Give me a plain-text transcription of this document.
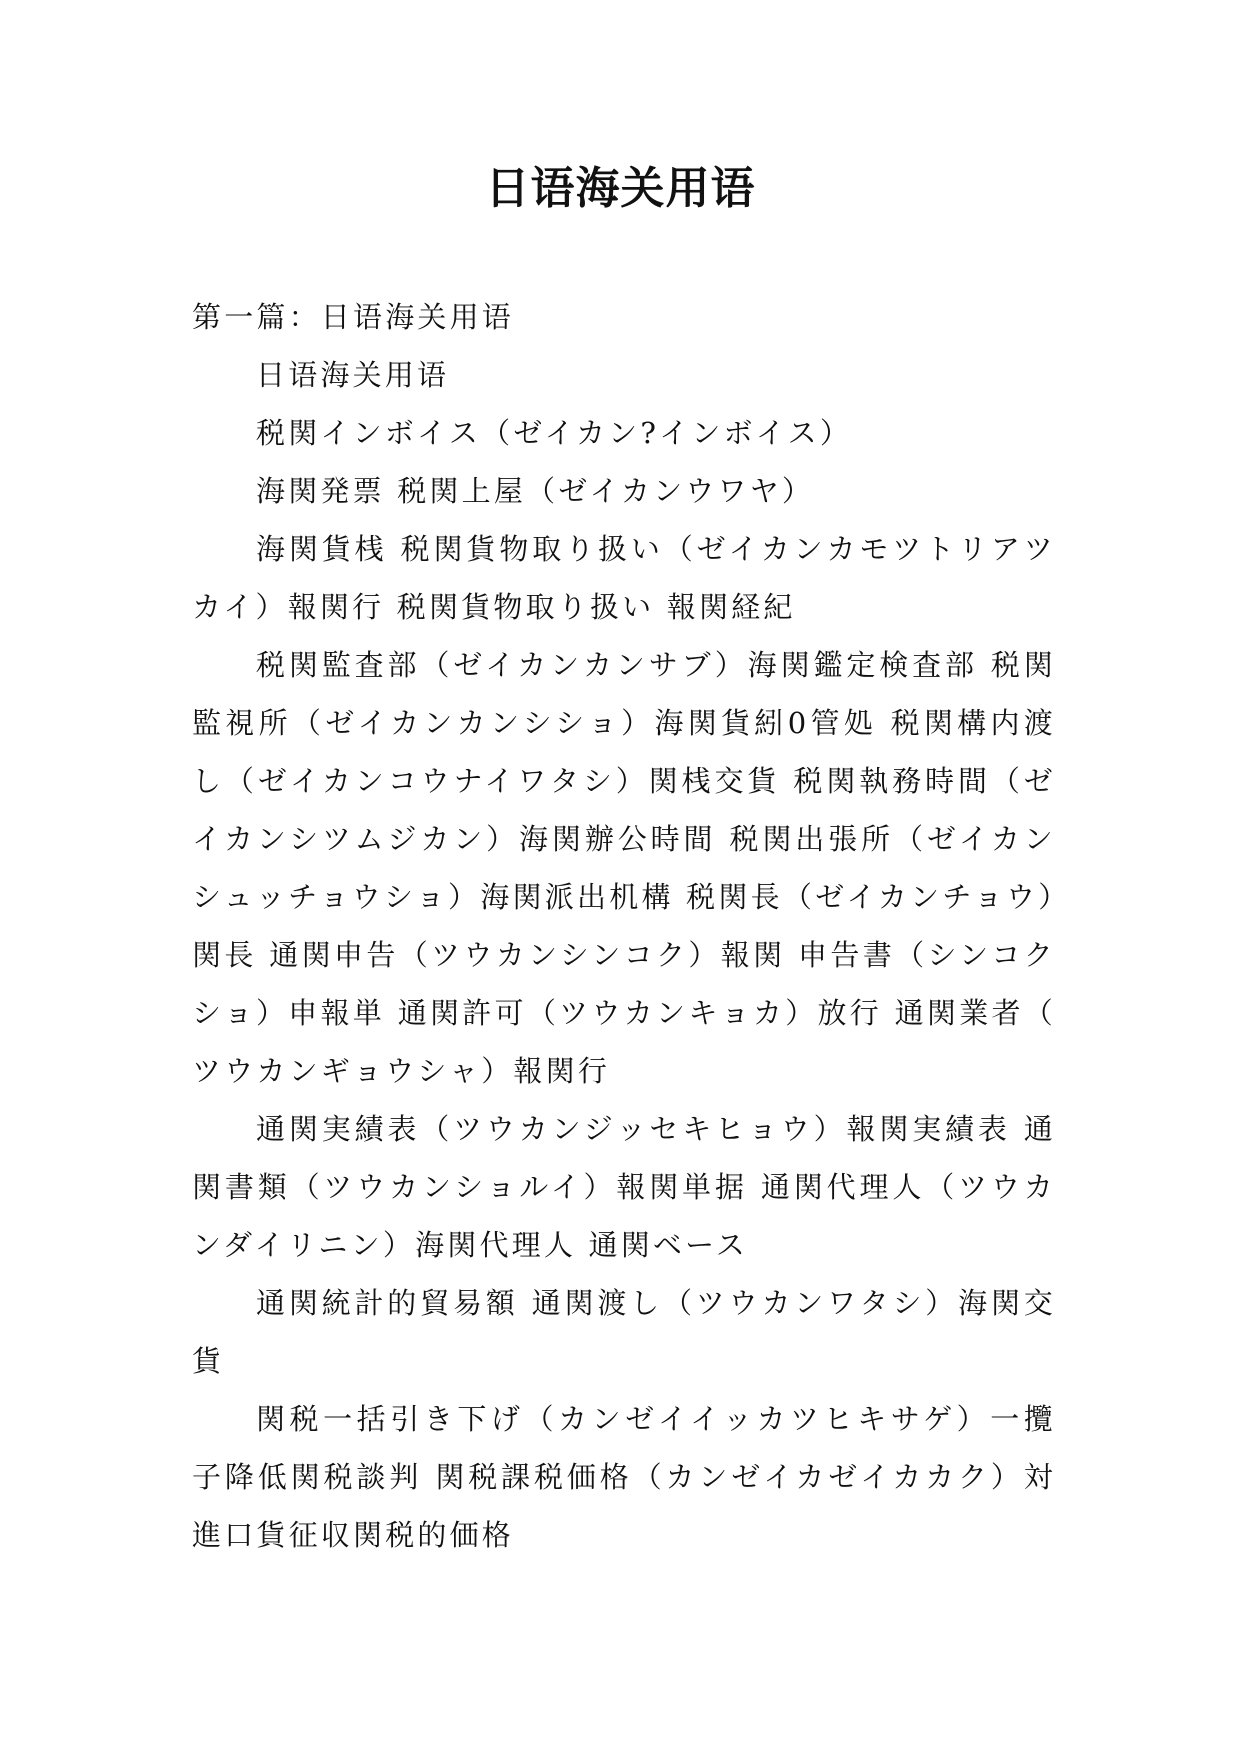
日语海关用语

第一篇：日语海关用语

日语海关用语

税関インボイス（ゼイカン?インボイス）

海関発票 税関上屋（ゼイカンウワヤ）

海関貨桟 税関貨物取り扱い（ゼイカンカモツトリアツカイ）報関行 税関貨物取り扱い 報関経紀

税関監査部（ゼイカンカンサブ）海関鑑定検査部 税関監視所（ゼイカンカンシショ）海関貨紖0管処 税関構内渡し（ゼイカンコウナイワタシ）関桟交貨 税関執務時間（ゼイカンシツムジカン）海関辦公時間 税関出張所（ゼイカンシュッチョウショ）海関派出机構 税関長（ゼイカンチョウ）関長 通関申告（ツウカンシンコク）報関 申告書（シンコクショ）申報単 通関許可（ツウカンキョカ）放行 通関業者（ツウカンギョウシャ）報関行

通関実績表（ツウカンジッセキヒョウ）報関実績表 通関書類（ツウカンショルイ）報関単据 通関代理人（ツウカンダイリニン）海関代理人 通関ベース

通関統計的貿易額 通関渡し（ツウカンワタシ）海関交貨

関税一括引き下げ（カンゼイイッカツヒキサゲ）一攬子降低関税談判 関税課税価格（カンゼイカゼイカカク）対進口貨征収関税的価格
